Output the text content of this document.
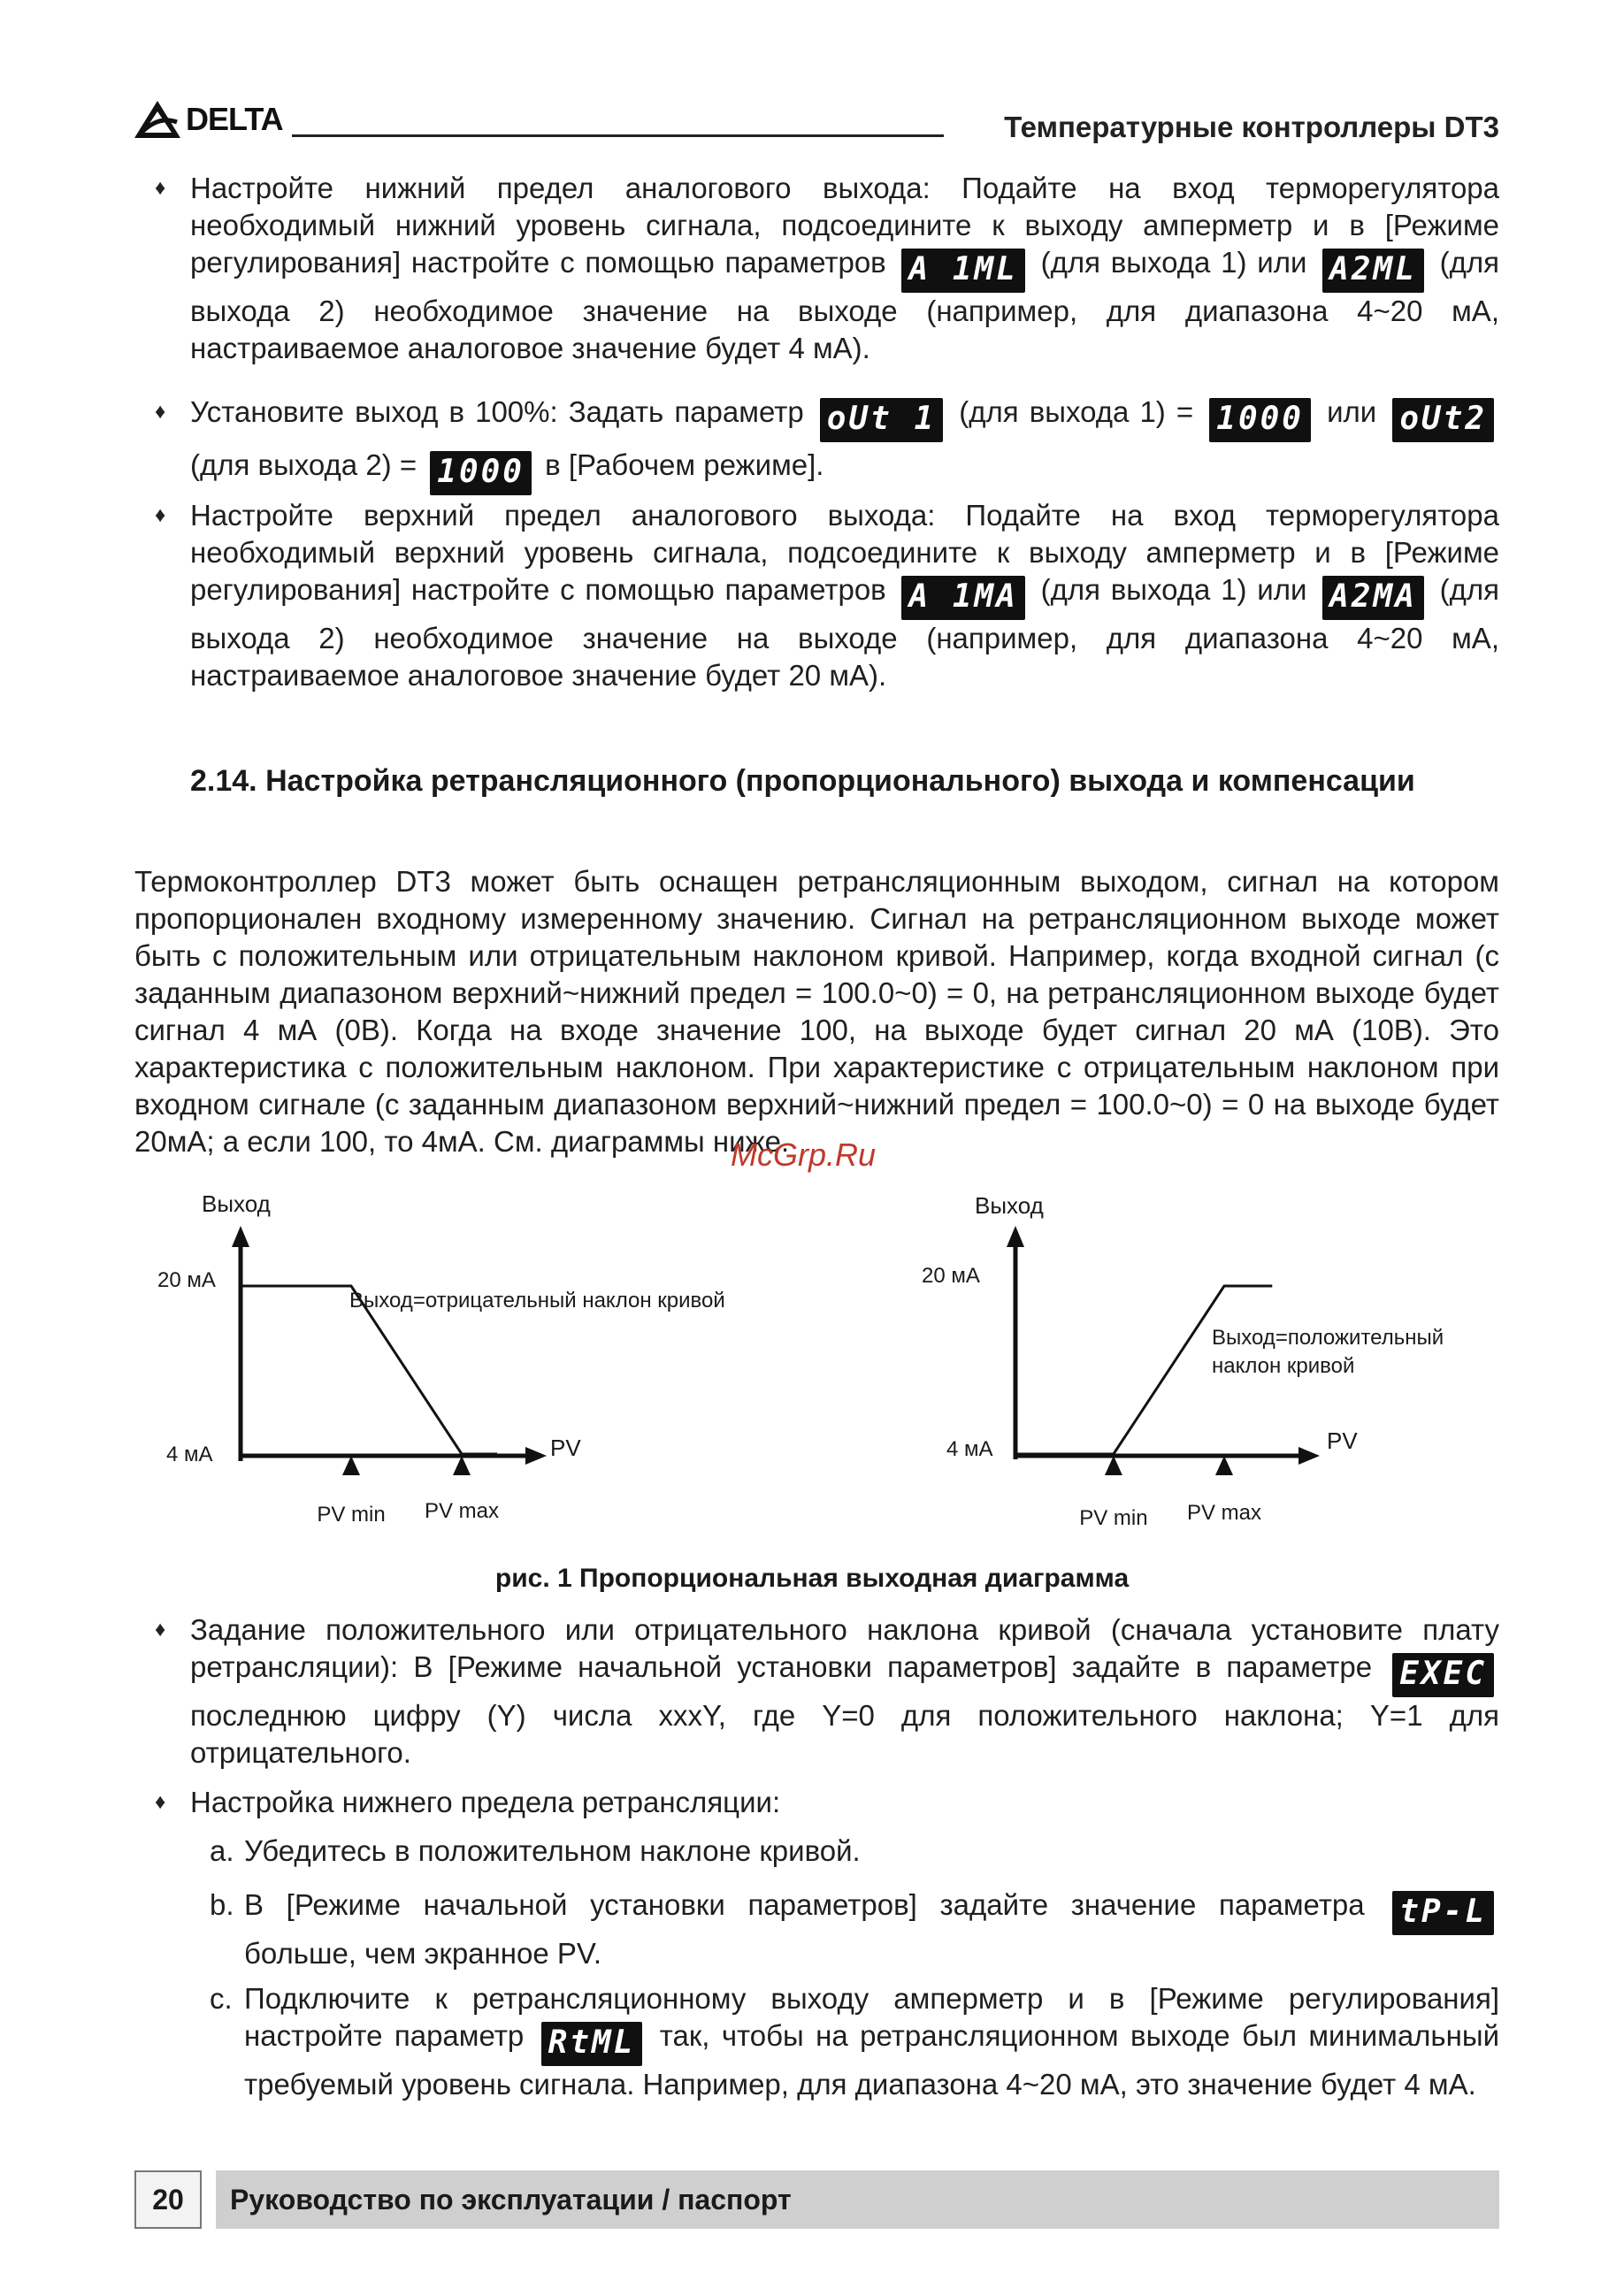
DELTA	Температурные контроллеры DT3
♦ Настройте нижний предел аналогового выхода: Подайте на вход терморегулятора необходимый нижний уровень сигнала, подсоедините к выходу амперметр и в [Режиме регулирования] настройте с помощью параметров A 1ML (для выхода 1) или A2ML (для выхода 2) необходимое значение на выходе (например, для диапазона 4~20 мА, настраиваемое аналоговое значение будет 4 мА).
♦ Установите выход в 100%: Задать параметр oUt 1 (для выхода 1) = 1000 или oUt2 (для выхода 2) = 1000 в [Рабочем режиме].
♦ Настройте верхний предел аналогового выхода: Подайте на вход терморегулятора необходимый верхний уровень сигнала, подсоедините к выходу амперметр и в [Режиме регулирования] настройте с помощью параметров A 1MA (для выхода 1) или A2MA (для выхода 2) необходимое значение на выходе (например, для диапазона 4~20 мА, настраиваемое аналоговое значение будет 20 мА).
2.14. Настройка ретрансляционного (пропорционального) выхода и компенсации
Термоконтроллер DT3 может быть оснащен ретрансляционным выходом, сигнал на котором пропорционален входному измеренному значению. Сигнал на ретрансляционном выходе может быть с положительным или отрицательным наклоном кривой. Например, когда входной сигнал (с заданным диапазоном верхний~нижний предел = 100.0~0) = 0, на ретрансляционном выходе будет сигнал 4 мА (0В). Когда на входе значение 100, на выходе будет сигнал 20 мА (10В). Это характеристика с положительным наклоном. При характеристике с отрицательным наклоном при входном сигнале (с заданным диапазоном верхний~нижний предел = 100.0~0) = 0 на выходе будет 20мА; а если 100, то 4мА. См. диаграммы ниже.
McGrp.Ru
Выход
20 мА
4 мА	PV
PV min PV max
Выход=отрицательный наклон кривой
Выход
20 мА
4 мА	PV
PV min PV max
Выход=положительный
наклон кривой
рис. 1 Пропорциональная выходная диаграмма
♦ Задание положительного или отрицательного наклона кривой (сначала установите плату ретрансляции): В [Режиме начальной установки параметров] задайте в параметре EXEC последнюю цифру (Y) числа xxxY, где Y=0 для положительного наклона; Y=1 для отрицательного.
♦ Настройка нижнего предела ретрансляции:
a. Убедитесь в положительном наклоне кривой.
b. В [Режиме начальной установки параметров] задайте значение параметра tP-L больше, чем экранное PV.
c. Подключите к ретрансляционному выходу амперметр и в [Режиме регулирования] настройте параметр RtML так, чтобы на ретрансляционном выходе был минимальный требуемый уровень сигнала. Например, для диапазона 4~20 мА, это значение будет 4 мА.
20	Руководство по эксплуатации / паспорт
